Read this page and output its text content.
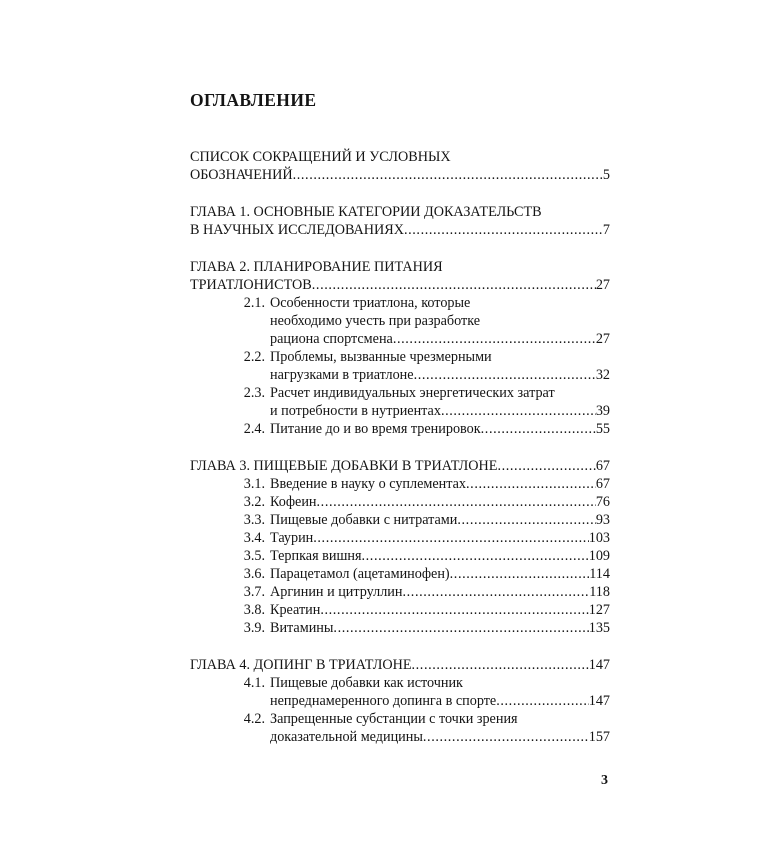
ОГЛАВЛЕНИЕ
СПИСОК СОКРАЩЕНИЙ И УСЛОВНЫХ
ОБОЗНАЧЕНИЙ .....	5
ГЛАВА 1. ОСНОВНЫЕ КАТЕГОРИИ ДОКАЗАТЕЛЬСТВ
В НАУЧНЫХ ИССЛЕДОВАНИЯХ .....	7
ГЛАВА 2. ПЛАНИРОВАНИЕ ПИТАНИЯ
ТРИАТЛОНИСТОВ .....	27
2.1. Особенности триатлона, которые
необходимо учесть при разработке
рациона спортсмена .....	27
2.2. Проблемы, вызванные чрезмерными
нагрузками в триатлоне .....	32
2.3. Расчет индивидуальных энергетических затрат
и потребности в нутриентах .....	39
2.4. Питание до и во время тренировок .....	55
ГЛАВА 3. ПИЩЕВЫЕ ДОБАВКИ В ТРИАТЛОНЕ .....	67
3.1. Введение в науку о суплементах .....	67
3.2. Кофеин .....	76
3.3. Пищевые добавки с нитратами .....	93
3.4. Таурин .....	103
3.5. Терпкая вишня .....	109
3.6. Парацетамол (ацетаминофен) .....	114
3.7. Аргинин и цитруллин .....	118
3.8. Креатин .....	127
3.9. Витамины .....	135
ГЛАВА 4. ДОПИНГ В ТРИАТЛОНЕ .....	147
4.1. Пищевые добавки как источник
непреднамеренного допинга в спорте .....	147
4.2. Запрещенные субстанции с точки зрения
доказательной медицины .....	157
3
